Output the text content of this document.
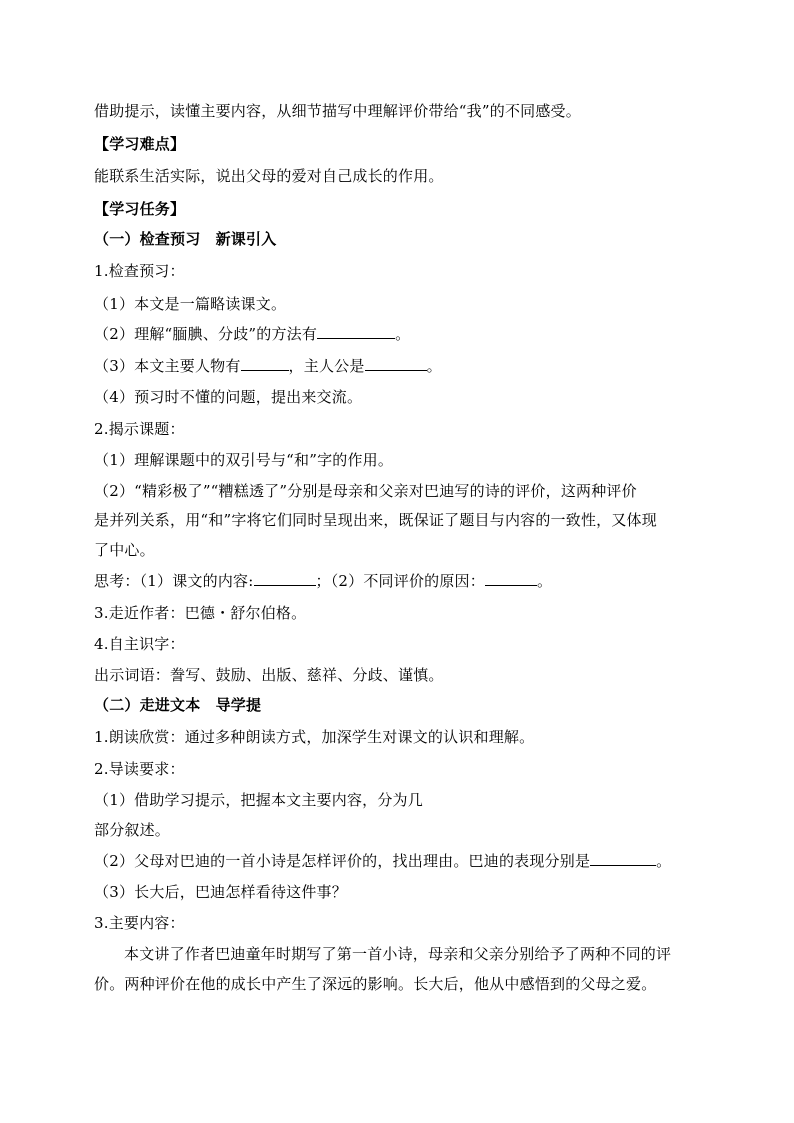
借助提示，读懂主要内容，从细节描写中理解评价带给“我”的不同感受。
【学习难点】
能联系生活实际，说出父母的爱对自己成长的作用。
【学习任务】
（一）检查预习　新课引入
1.检查预习：
（1）本文是一篇略读课文。
（2）理解“腼腆、分歧”的方法有	。
（3）本文主要人物有	，主人公是	。
（4）预习时不懂的问题，提出来交流。
2.揭示课题：
（1）理解课题中的双引号与“和”字的作用。
（2）“精彩极了”“糟糕透了”分别是母亲和父亲对巴迪写的诗的评价，这两种评价
是并列关系，用“和”字将它们同时呈现出来，既保证了题目与内容的一致性，又体现
了中心。
思考：（1）课文的内容:	；（2）不同评价的原因：	。
3.走近作者：巴德・舒尔伯格。
4.自主识字：
出示词语：誊写、鼓励、出版、慈祥、分歧、谨慎。
（二）走进文本　导学提
1.朗读欣赏：通过多种朗读方式，加深学生对课文的认识和理解。
2.导读要求：
（1）借助学习提示，把握本文主要内容，分为几
部分叙述。
（2）父母对巴迪的一首小诗是怎样评价的，找出理由。巴迪的表现分别是	。
（3）长大后，巴迪怎样看待这件事？
3.主要内容：
本文讲了作者巴迪童年时期写了第一首小诗，母亲和父亲分别给予了两种不同的评
价。两种评价在他的成长中产生了深远的影响。长大后，他从中感悟到的父母之爱。
